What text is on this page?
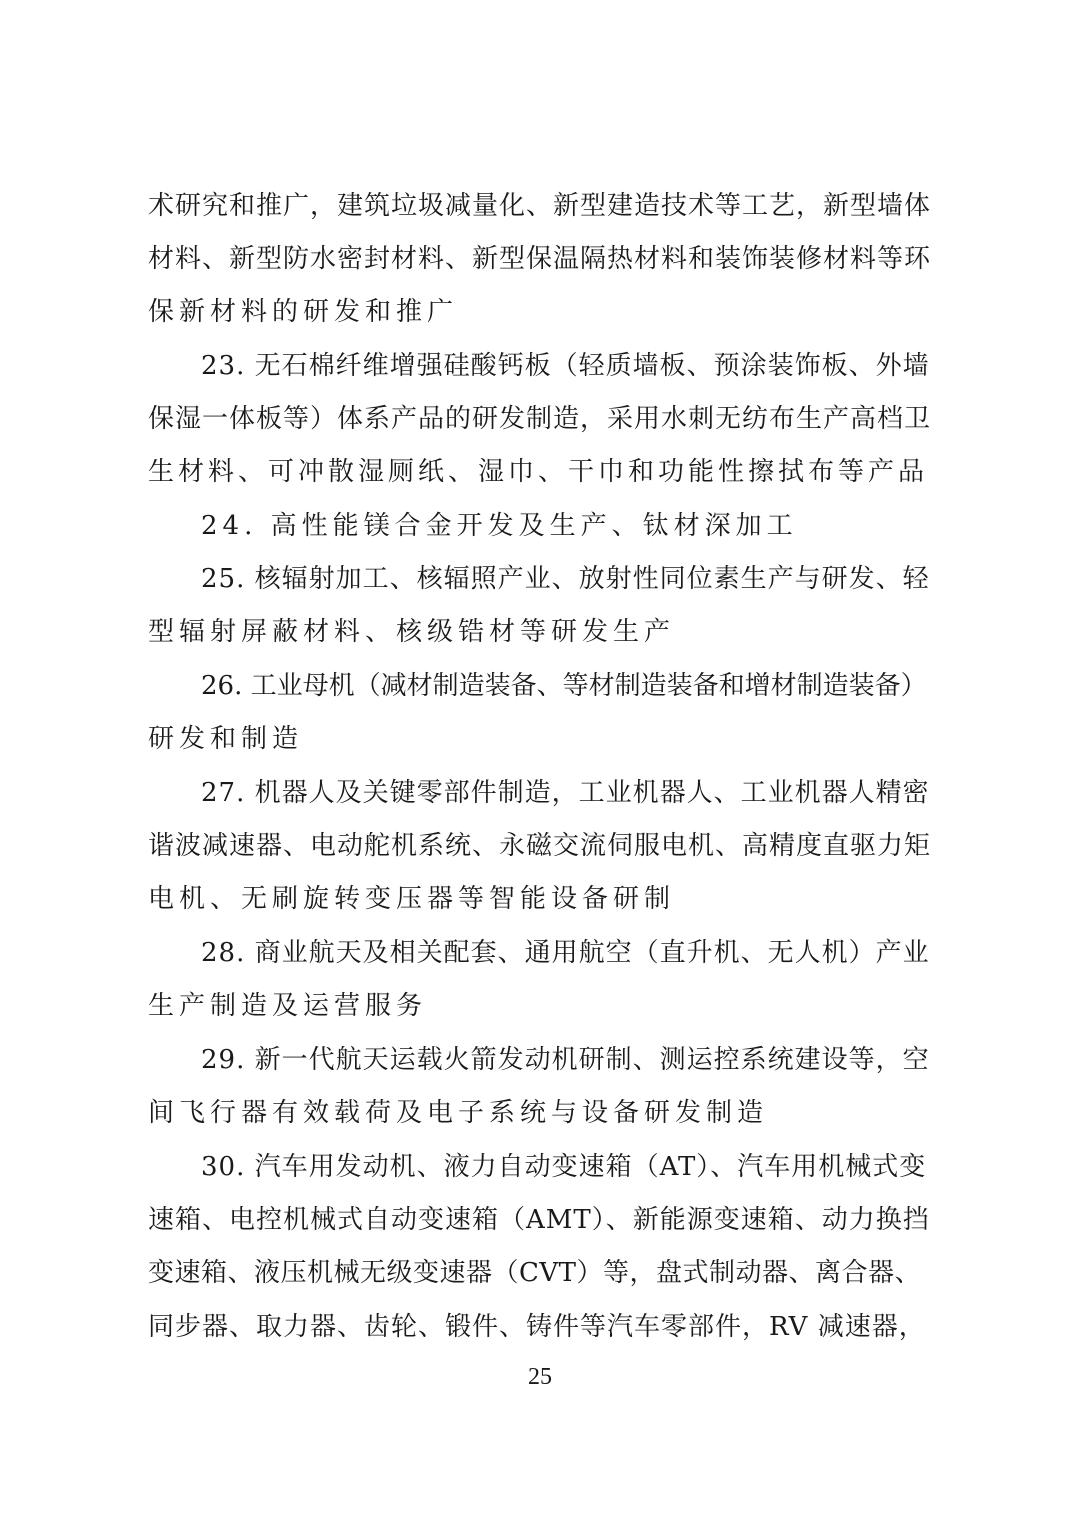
术研究和推广，建筑垃圾减量化、新型建造技术等工艺，新型墙体
材料、新型防水密封材料、新型保温隔热材料和装饰装修材料等环
保新材料的研发和推广
23. 无石棉纤维增强硅酸钙板（轻质墙板、预涂装饰板、外墙
保湿一体板等）体系产品的研发制造，采用水刺无纺布生产高档卫
生材料、可冲散湿厕纸、湿巾、干巾和功能性擦拭布等产品
24. 高性能镁合金开发及生产、钛材深加工
25. 核辐射加工、核辐照产业、放射性同位素生产与研发、轻
型辐射屏蔽材料、核级锆材等研发生产
26. 工业母机（减材制造装备、等材制造装备和增材制造装备）
研发和制造
27. 机器人及关键零部件制造，工业机器人、工业机器人精密
谐波减速器、电动舵机系统、永磁交流伺服电机、高精度直驱力矩
电机、无刷旋转变压器等智能设备研制
28. 商业航天及相关配套、通用航空（直升机、无人机）产业
生产制造及运营服务
29. 新一代航天运载火箭发动机研制、测运控系统建设等，空
间飞行器有效载荷及电子系统与设备研发制造
30. 汽车用发动机、液力自动变速箱（AT）、汽车用机械式变
速箱、电控机械式自动变速箱（AMT）、新能源变速箱、动力换挡
变速箱、液压机械无级变速器（CVT）等，盘式制动器、离合器、
同步器、取力器、齿轮、锻件、铸件等汽车零部件，RV 减速器，
25
